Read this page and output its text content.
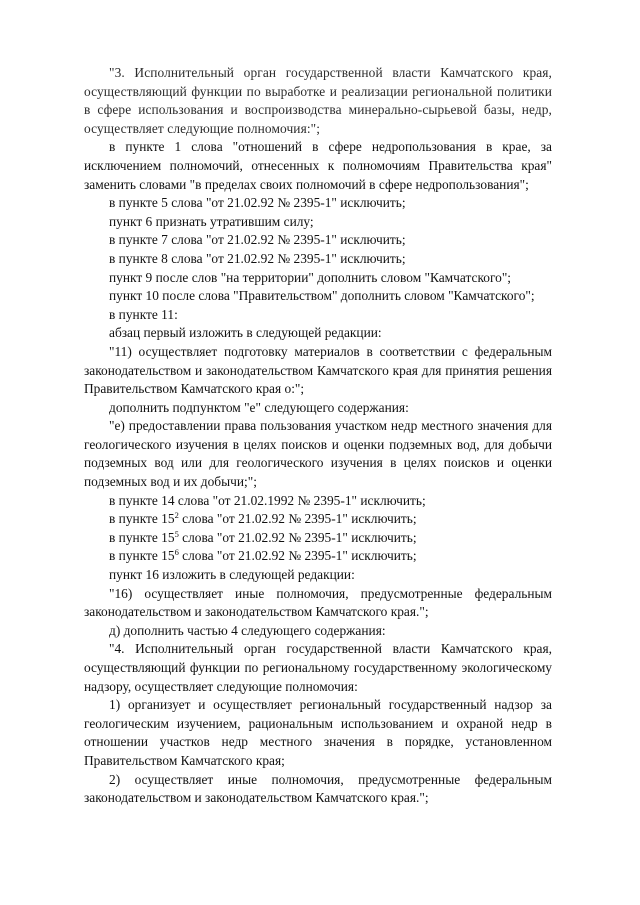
"3. Исполнительный орган государственной власти Камчатского края, осуществляющий функции по выработке и реализации региональной политики в сфере использования и воспроизводства минерально-сырьевой базы, недр, осуществляет следующие полномочия:";

в пункте 1 слова "отношений в сфере недропользования в крае, за исключением полномочий, отнесенных к полномочиям Правительства края" заменить словами "в пределах своих полномочий в сфере недропользования";

в пункте 5 слова "от 21.02.92 № 2395-1" исключить;

пункт 6 признать утратившим силу;

в пункте 7 слова "от 21.02.92 № 2395-1" исключить;

в пункте 8 слова "от 21.02.92 № 2395-1" исключить;

пункт 9 после слов "на территории" дополнить словом "Камчатского";

пункт 10 после слова "Правительством" дополнить словом "Камчатского";

в пункте 11:

абзац первый изложить в следующей редакции:

"11) осуществляет подготовку материалов в соответствии с федеральным законодательством и законодательством Камчатского края для принятия решения Правительством Камчатского края о:";

дополнить подпунктом "е" следующего содержания:

"е) предоставлении права пользования участком недр местного значения для геологического изучения в целях поисков и оценки подземных вод, для добычи подземных вод или для геологического изучения в целях поисков и оценки подземных вод и их добычи;";

в пункте 14 слова "от 21.02.1992 № 2395-1" исключить;

в пункте $15^2$ слова "от 21.02.92 № 2395-1" исключить;

в пункте $15^5$ слова "от 21.02.92 № 2395-1" исключить;

в пункте $15^6$ слова "от 21.02.92 № 2395-1" исключить;

пункт 16 изложить в следующей редакции:

"16) осуществляет иные полномочия, предусмотренные федеральным законодательством и законодательством Камчатского края.";

д) дополнить частью 4 следующего содержания:

"4. Исполнительный орган государственной власти Камчатского края, осуществляющий функции по региональному государственному экологическому надзору, осуществляет следующие полномочия:

1) организует и осуществляет региональный государственный надзор за геологическим изучением, рациональным использованием и охраной недр в отношении участков недр местного значения в порядке, установленном Правительством Камчатского края;

2) осуществляет иные полномочия, предусмотренные федеральным законодательством и законодательством Камчатского края.";
